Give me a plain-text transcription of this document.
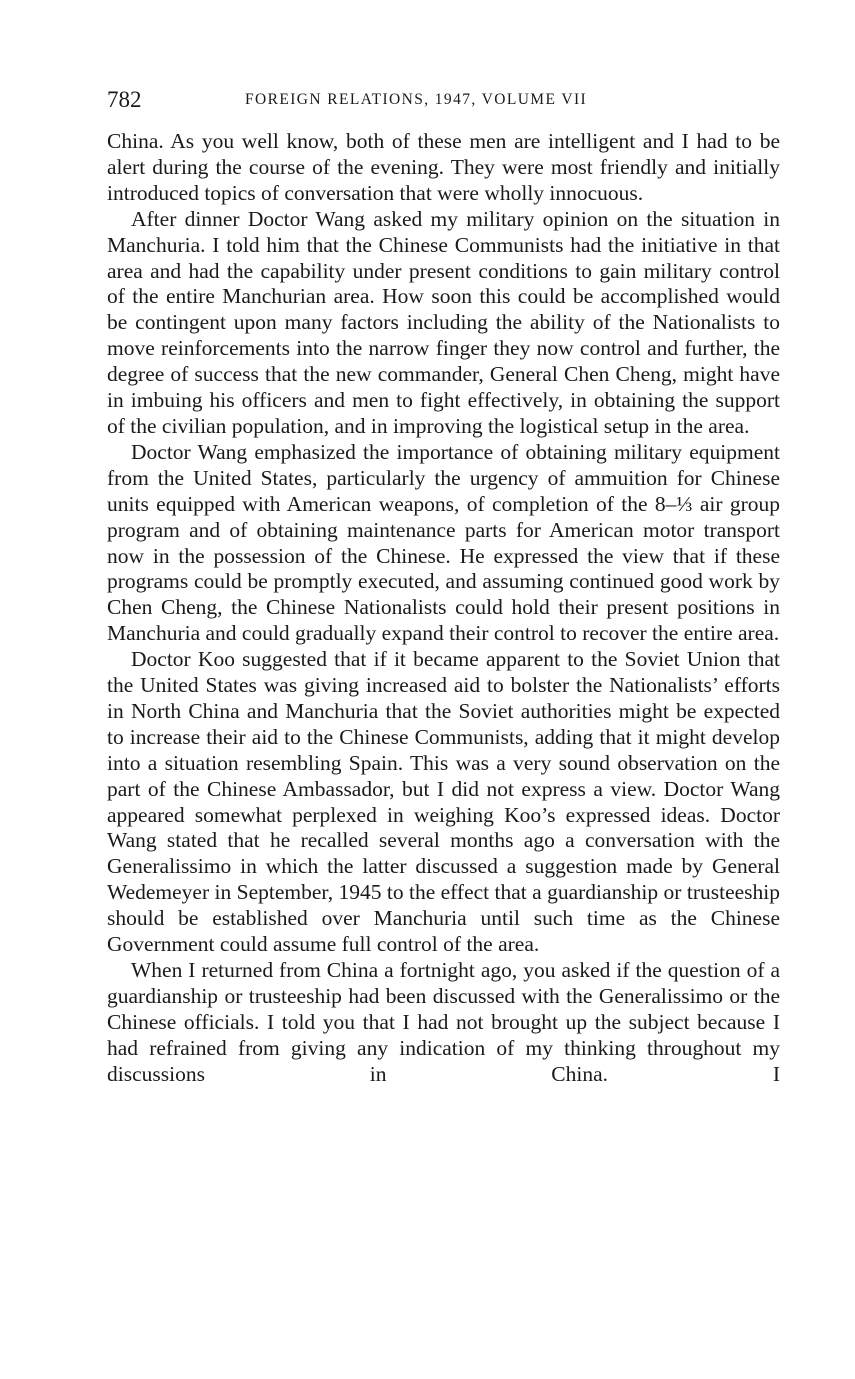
782	FOREIGN RELATIONS, 1947, VOLUME VII

China. As you well know, both of these men are intelligent and I had to be alert during the course of the evening. They were most friendly and initially introduced topics of conversation that were wholly innocuous.

After dinner Doctor Wang asked my military opinion on the situation in Manchuria. I told him that the Chinese Communists had the initiative in that area and had the capability under present conditions to gain military control of the entire Manchurian area. How soon this could be accomplished would be contingent upon many factors including the ability of the Nationalists to move reinforcements into the narrow finger they now control and further, the degree of success that the new commander, General Chen Cheng, might have in imbuing his officers and men to fight effectively, in obtaining the support of the civilian population, and in improving the logistical setup in the area.

Doctor Wang emphasized the importance of obtaining military equipment from the United States, particularly the urgency of ammuition for Chinese units equipped with American weapons, of completion of the 8–⅓ air group program and of obtaining maintenance parts for American motor transport now in the possession of the Chinese. He expressed the view that if these programs could be promptly executed, and assuming continued good work by Chen Cheng, the Chinese Nationalists could hold their present positions in Manchuria and could gradually expand their control to recover the entire area.

Doctor Koo suggested that if it became apparent to the Soviet Union that the United States was giving increased aid to bolster the Nationalists’ efforts in North China and Manchuria that the Soviet authorities might be expected to increase their aid to the Chinese Communists, adding that it might develop into a situation resembling Spain. This was a very sound observation on the part of the Chinese Ambassador, but I did not express a view. Doctor Wang appeared somewhat perplexed in weighing Koo’s expressed ideas. Doctor Wang stated that he recalled several months ago a conversation with the Generalissimo in which the latter discussed a suggestion made by General Wedemeyer in September, 1945 to the effect that a guardianship or trusteeship should be established over Manchuria until such time as the Chinese Government could assume full control of the area.

When I returned from China a fortnight ago, you asked if the question of a guardianship or trusteeship had been discussed with the Generalissimo or the Chinese officials. I told you that I had not brought up the subject because I had refrained from giving any indication of my thinking throughout my discussions in China. I
